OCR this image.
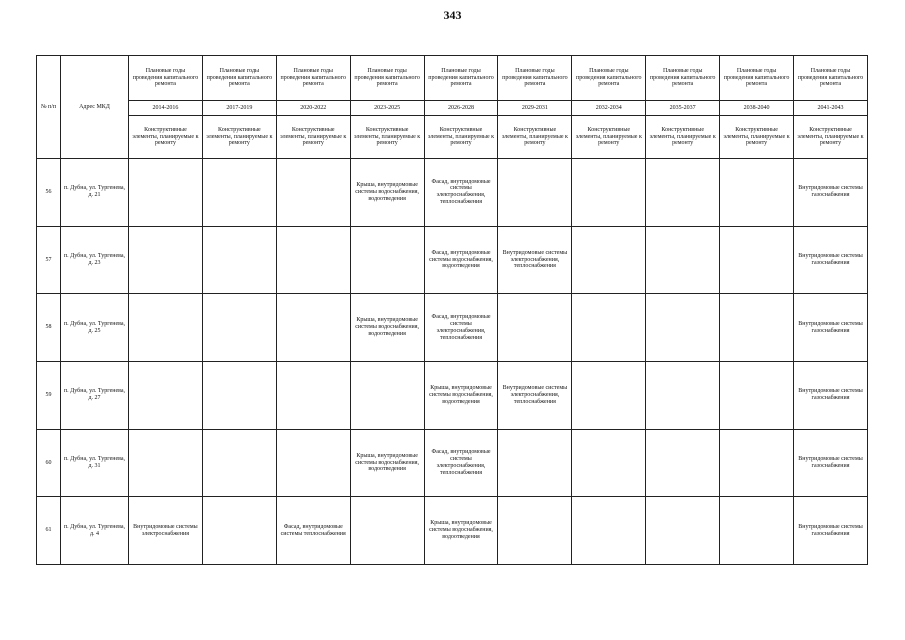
343
№ п/п	Адрес МКД	Плановые годы проведения капитального ремонта	Плановые годы проведения капитального ремонта	Плановые годы проведения капитального ремонта	Плановые годы проведения капитального ремонта	Плановые годы проведения капитального ремонта	Плановые годы проведения капитального ремонта	Плановые годы проведения капитального ремонта	Плановые годы проведения капитального ремонта	Плановые годы проведения капитального ремонта	Плановые годы проведения капитального ремонта
		2014-2016	2017-2019	2020-2022	2023-2025	2026-2028	2029-2031	2032-2034	2035-2037	2038-2040	2041-2043
		Конструктивные элементы, планируемые к ремонту	Конструктивные элементы, планируемые к ремонту	Конструктивные элементы, планируемые к ремонту	Конструктивные элементы, планируемые к ремонту	Конструктивные элементы, планируемые к ремонту	Конструктивные элементы, планируемые к ремонту	Конструктивные элементы, планируемые к ремонту	Конструктивные элементы, планируемые к ремонту	Конструктивные элементы, планируемые к ремонту	Конструктивные элементы, планируемые к ремонту
56	п. Дубна, ул. Тургенева, д. 21				Крыша, внутридомовые системы водоснабжения, водоотведения	Фасад, внутридомовые системы электроснабжения, теплоснабжения					Внутридомовые системы газоснабжения
57	п. Дубна, ул. Тургенева, д. 23					Фасад, внутридомовые системы водоснабжения, водоотведения	Внутридомовые системы электроснабжения, теплоснабжения				Внутридомовые системы газоснабжения
58	п. Дубна, ул. Тургенева, д. 25				Крыша, внутридомовые системы водоснабжения, водоотведения	Фасад, внутридомовые системы электроснабжения, теплоснабжения					Внутридомовые системы газоснабжения
59	п. Дубна, ул. Тургенева, д. 27					Крыша, внутридомовые системы водоснабжения, водоотведения	Внутридомовые системы электроснабжения, теплоснабжения				Внутридомовые системы газоснабжения
60	п. Дубна, ул. Тургенева, д. 31				Крыша, внутридомовые системы водоснабжения, водоотведения	Фасад, внутридомовые системы электроснабжения, теплоснабжения					Внутридомовые системы газоснабжения
61	п. Дубна, ул. Тургенева, д. 4	Внутридомовые системы электроснабжения		Фасад, внутридомовые системы теплоснабжения		Крыша, внутридомовые системы водоснабжения, водоотведения					Внутридомовые системы газоснабжения
